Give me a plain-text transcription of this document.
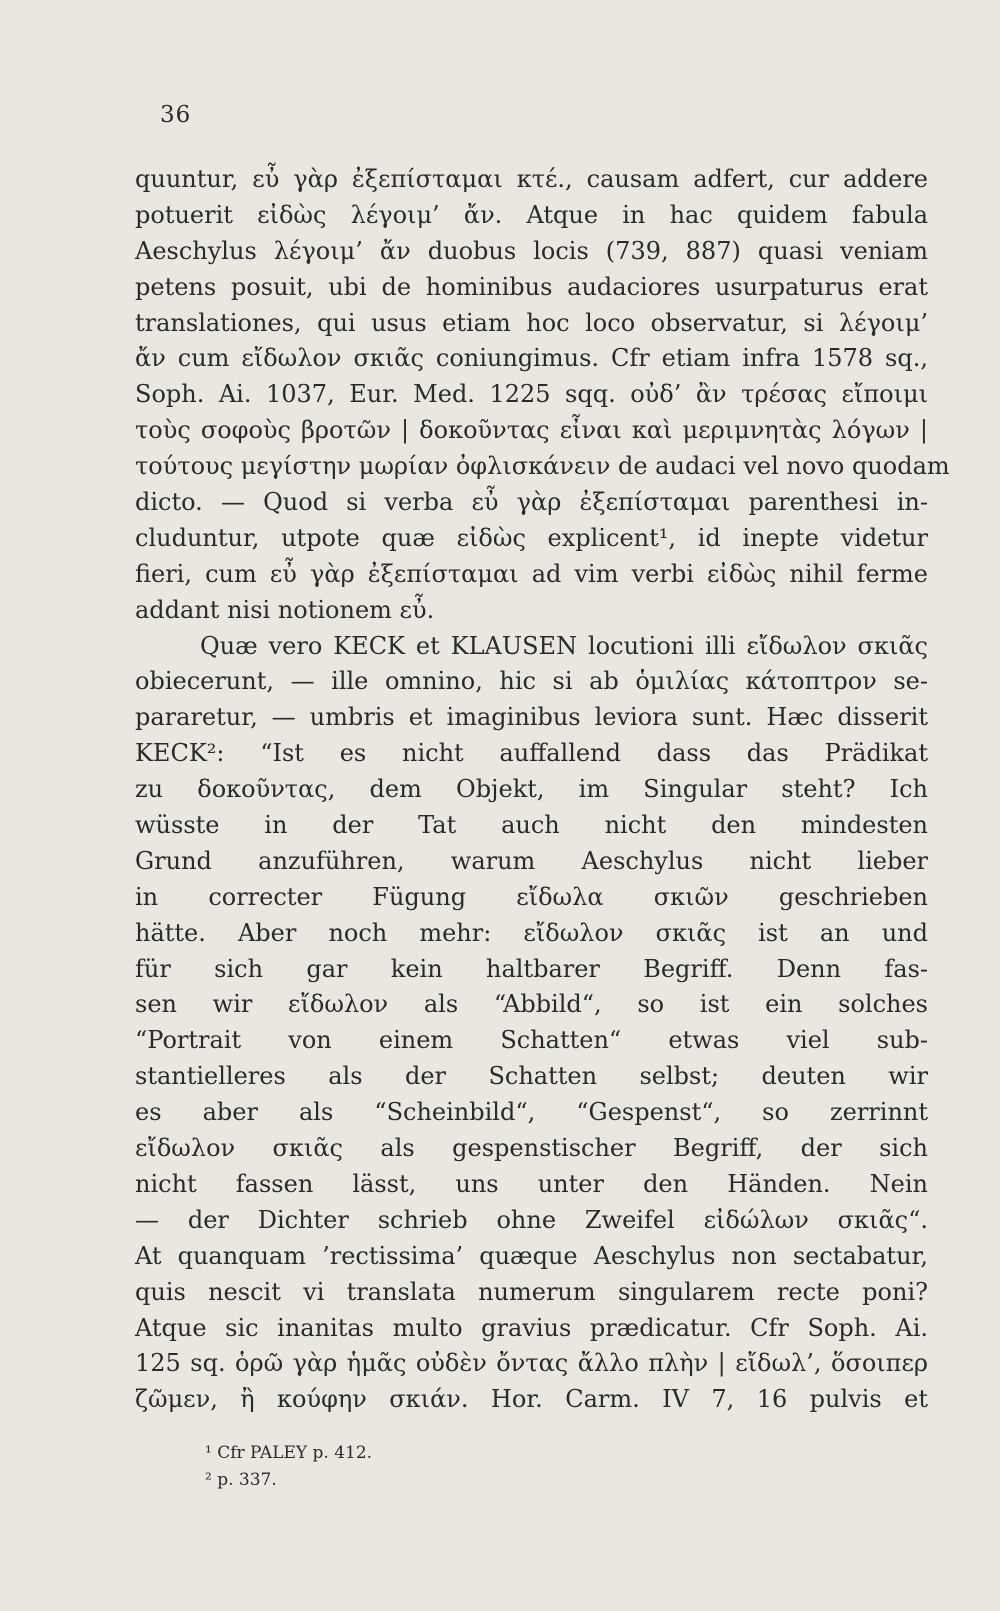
36
quuntur, εὖ γὰρ ἐξεπίσταμαι κτέ., causam adfert, cur addere
potuerit εἰδὼς λέγοιμ’ ἄν. Atque in hac quidem fabula
Aeschylus λέγοιμ’ ἄν duobus locis (739, 887) quasi veniam
petens posuit, ubi de hominibus audaciores usurpaturus erat
translationes, qui usus etiam hoc loco observatur, si λέγοιμ’
ἄν cum εἴδωλον σκιᾶς coniungimus. Cfr etiam infra 1578 sq.,
Soph. Ai. 1037, Eur. Med. 1225 sqq. οὐδ’ ἂν τρέσας εἴποιμι
τοὺς σοφοὺς βροτῶν | δοκοῦντας εἶναι καὶ μεριμνητὰς λόγων |
τούτους μεγίστην μωρίαν ὀφλισκάνειν de audaci vel novo quodam
dicto. — Quod si verba εὖ γὰρ ἐξεπίσταμαι parenthesi in-
cluduntur, utpote quæ εἰδὼς explicent¹, id inepte videtur
fieri, cum εὖ γὰρ ἐξεπίσταμαι ad vim verbi εἰδὼς nihil ferme
addant nisi notionem εὖ.
Quæ vero KECK et KLAUSEN locutioni illi εἴδωλον σκιᾶς
obiecerunt, — ille omnino, hic si ab ὁμιλίας κάτοπτρον se-
pararetur, — umbris et imaginibus leviora sunt. Hæc disserit
KECK²: “Ist es nicht auffallend dass das Prädikat
zu δοκοῦντας, dem Objekt, im Singular steht? Ich
wüsste in der Tat auch nicht den mindesten
Grund anzuführen, warum Aeschylus nicht lieber
in correcter Fügung εἴδωλα σκιῶν geschrieben
hätte. Aber noch mehr: εἴδωλον σκιᾶς ist an und
für sich gar kein haltbarer Begriff. Denn fas-
sen wir εἴδωλον als “Abbild“, so ist ein solches
“Portrait von einem Schatten“ etwas viel sub-
stantielleres als der Schatten selbst; deuten wir
es aber als “Scheinbild“, “Gespenst“, so zerrinnt
εἴδωλον σκιᾶς als gespenstischer Begriff, der sich
nicht fassen lässt, uns unter den Händen. Nein
— der Dichter schrieb ohne Zweifel εἰδώλων σκιᾶς“.
At quanquam ’rectissima’ quæque Aeschylus non sectabatur,
quis nescit vi translata numerum singularem recte poni?
Atque sic inanitas multo gravius prædicatur. Cfr Soph. Ai.
125 sq. ὁρῶ γὰρ ἡμᾶς οὐδὲν ὄντας ἄλλο πλὴν | εἴδωλ’, ὅσοιπερ
ζῶμεν, ἢ κούφην σκιάν. Hor. Carm. IV 7, 16 pulvis et
¹ Cfr PALEY p. 412.
² p. 337.
